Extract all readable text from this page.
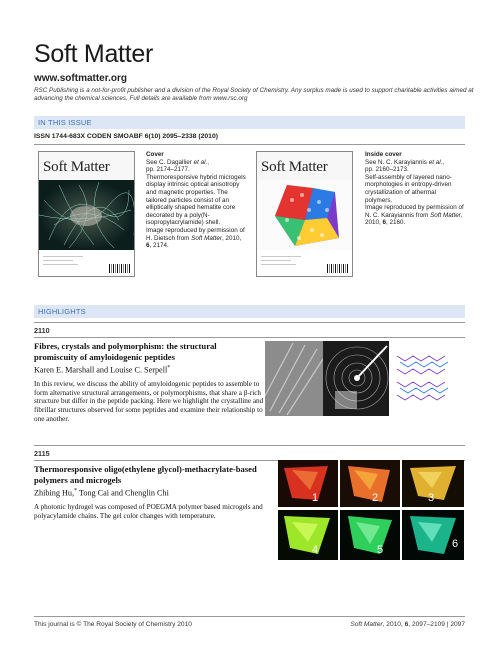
Soft Matter
www.softmatter.org
RSC Publishing is a not-for-profit publisher and a division of the Royal Society of Chemistry. Any surplus made is used to support charitable activities aimed at advancing the chemical sciences. Full details are available from www.rsc.org
IN THIS ISSUE
ISSN 1744-683X CODEN SMOABF 6(10) 2095–2338 (2010)
Soft Matter
Cover
See C. Dagallier et al.,
pp. 2174–2177.
Thermoresponsive hybrid microgels display intrinsic optical anisotropy and magnetic properties. The tailored particles consist of an elliptically shaped hematite core decorated by a poly(N-isopropylacrylamide) shell.
Image reproduced by permission of H. Dietsch from Soft Matter, 2010, 6, 2174.
Soft Matter
Inside cover
See N. C. Karayiannis et al.,
pp. 2160–2173.
Self-assembly of layered nano-morphologies in entropy-driven crystallization of athermal polymers.
Image reproduced by permission of N. C. Karayiannis from Soft Matter, 2010, 6, 2160.
HIGHLIGHTS
2110
Fibres, crystals and polymorphism: the structural promiscuity of amyloidogenic peptides
Karen E. Marshall and Louise C. Serpell*
In this review, we discuss the ability of amyloidogenic peptides to assemble to form alternative structural arrangements, or polymorphisms, that share a β-rich structure but differ in the peptide packing. Here we highlight the crystalline and fibrillar structures observed for some peptides and examine their relationship to one another.
2115
Thermoresponsive oligo(ethylene glycol)-methacrylate-based polymers and microgels
Zhibing Hu,* Tong Cai and Chenglin Chi
A photonic hydrogel was composed of POEGMA polymer based microgels and polyacylamide chains. The gel color changes with temperature.
1	2	3
4	5	6
This journal is © The Royal Society of Chemistry 2010	Soft Matter, 2010, 6, 2097–2109 | 2097
